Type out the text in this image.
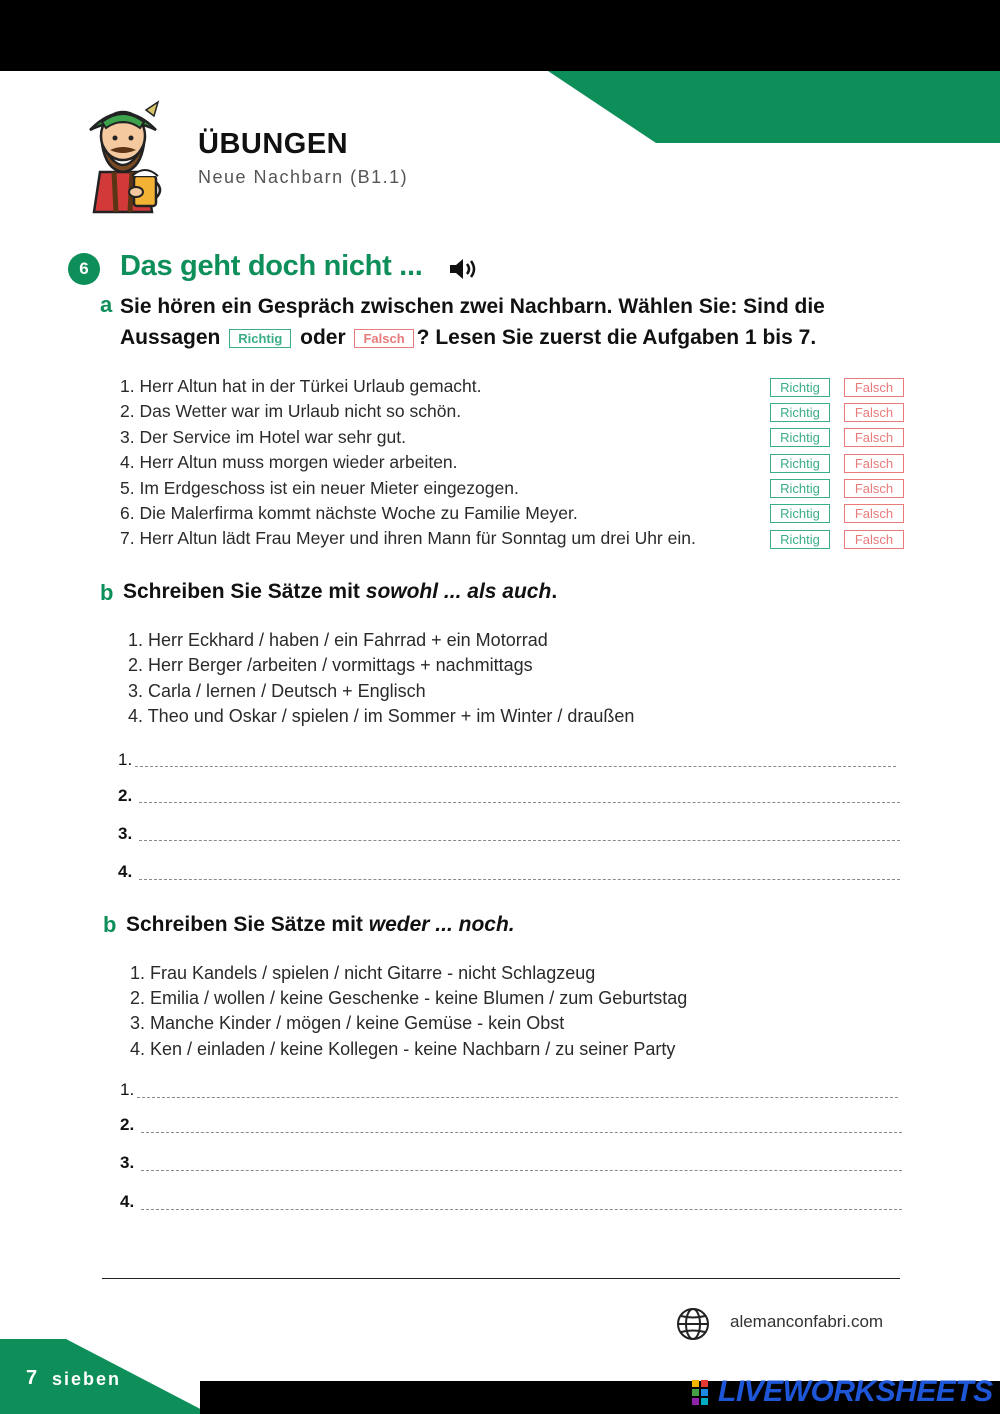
ÜBUNGEN
Neue Nachbarn (B1.1)
6	Das geht doch nicht ...
a Sie hören ein Gespräch zwischen zwei Nachbarn. Wählen Sie: Sind die
Aussagen Richtig oder Falsch ? Lesen Sie zuerst die Aufgaben 1 bis 7.
1. Herr Altun hat in der Türkei Urlaub gemacht.	Richtig	Falsch
2. Das Wetter war im Urlaub nicht so schön.	Richtig	Falsch
3. Der Service im Hotel war sehr gut.	Richtig	Falsch
4. Herr Altun muss morgen wieder arbeiten.	Richtig	Falsch
5. Im Erdgeschoss ist ein neuer Mieter eingezogen.	Richtig	Falsch
6. Die Malerfirma kommt nächste Woche zu Familie Meyer.	Richtig	Falsch
7. Herr Altun lädt Frau Meyer und ihren Mann für Sonntag um drei Uhr ein.	Richtig	Falsch
b Schreiben Sie Sätze mit sowohl ... als auch.
1. Herr Eckhard / haben / ein Fahrrad + ein Motorrad
2. Herr Berger /arbeiten / vormittags + nachmittags
3. Carla / lernen / Deutsch + Englisch
4. Theo und Oskar / spielen / im Sommer + im Winter / draußen
1.
2.
3.
4.
b Schreiben Sie Sätze mit weder ... noch.
1. Frau Kandels / spielen / nicht Gitarre - nicht Schlagzeug
2. Emilia / wollen / keine Geschenke - keine Blumen / zum Geburtstag
3. Manche Kinder / mögen / keine Gemüse - kein Obst
4. Ken / einladen / keine Kollegen - keine Nachbarn / zu seiner Party
1.
2.
3.
4.
alemanconfabri.com
7 sieben	LIVEWORKSHEETS
